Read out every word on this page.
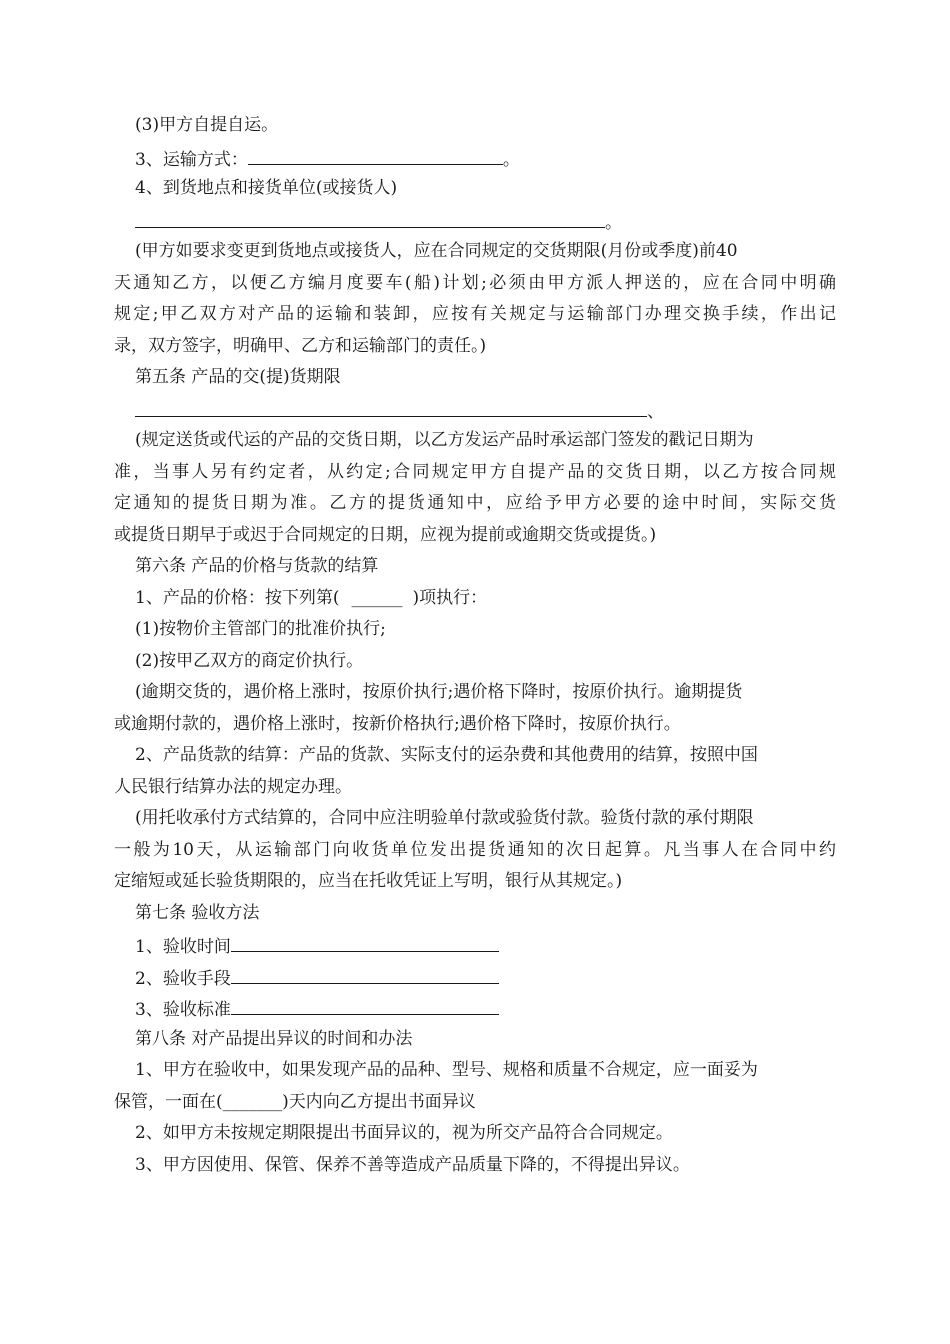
(3)甲方自提自运。
3、运输方式：	。
4、到货地点和接货单位(或接货人)
。
(甲方如要求变更到货地点或接货人，应在合同规定的交货期限(月份或季度)前40
天通知乙方，以便乙方编月度要车(船)计划;必须由甲方派人押送的，应在合同中明确
规定;甲乙双方对产品的运输和装卸，应按有关规定与运输部门办理交换手续，作出记
录，双方签字，明确甲、乙方和运输部门的责任。)
第五条 产品的交(提)货期限
、
(规定送货或代运的产品的交货日期，以乙方发运产品时承运部门签发的戳记日期为
准，当事人另有约定者，从约定;合同规定甲方自提产品的交货日期，以乙方按合同规
定通知的提货日期为准。乙方的提货通知中，应给予甲方必要的途中时间，实际交货
或提货日期早于或迟于合同规定的日期，应视为提前或逾期交货或提货。)
第六条 产品的价格与货款的结算
1、产品的价格：按下列第( ______ )项执行：
(1)按物价主管部门的批准价执行;
(2)按甲乙双方的商定价执行。
(逾期交货的，遇价格上涨时，按原价执行;遇价格下降时，按原价执行。逾期提货
或逾期付款的，遇价格上涨时，按新价格执行;遇价格下降时，按原价执行。
2、产品货款的结算：产品的货款、实际支付的运杂费和其他费用的结算，按照中国
人民银行结算办法的规定办理。
(用托收承付方式结算的，合同中应注明验单付款或验货付款。验货付款的承付期限
一般为10天，从运输部门向收货单位发出提货通知的次日起算。凡当事人在合同中约
定缩短或延长验货期限的，应当在托收凭证上写明，银行从其规定。)
第七条 验收方法
1、验收时间
2、验收手段
3、验收标准
第八条 对产品提出异议的时间和办法
1、甲方在验收中，如果发现产品的品种、型号、规格和质量不合规定，应一面妥为
保管，一面在(_______)天内向乙方提出书面异议
2、如甲方未按规定期限提出书面异议的，视为所交产品符合合同规定。
3、甲方因使用、保管、保养不善等造成产品质量下降的，不得提出异议。
